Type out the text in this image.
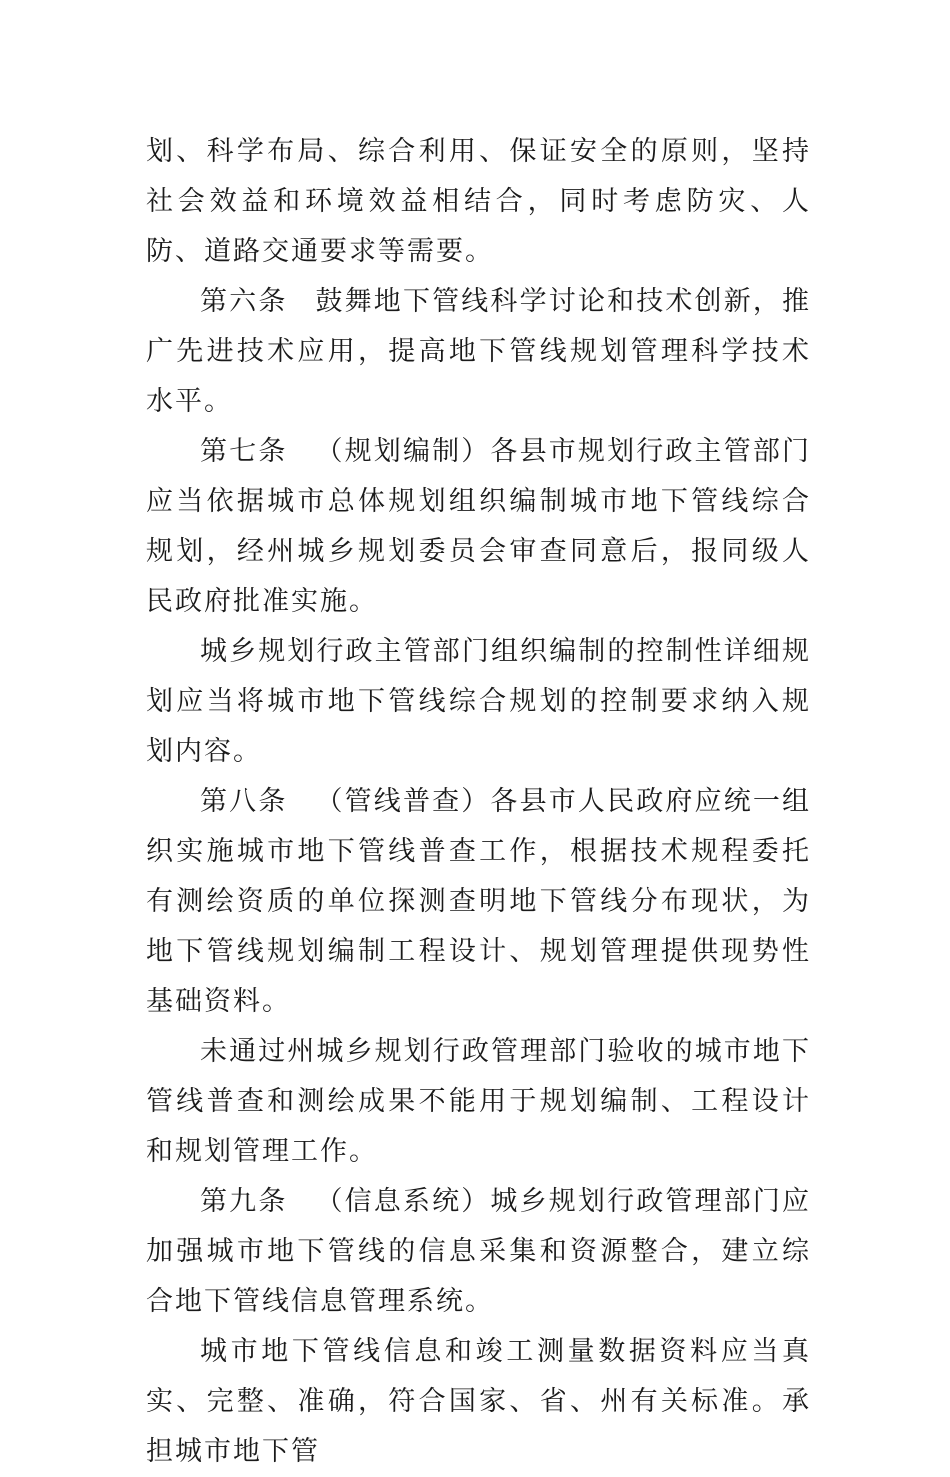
划、科学布局、综合利用、保证安全的原则，坚持社会效益和环境效益相结合，同时考虑防灾、人防、道路交通要求等需要。

第六条 鼓舞地下管线科学讨论和技术创新，推广先进技术应用，提高地下管线规划管理科学技术水平。

第七条 （规划编制）各县市规划行政主管部门应当依据城市总体规划组织编制城市地下管线综合规划，经州城乡规划委员会审查同意后，报同级人民政府批准实施。

城乡规划行政主管部门组织编制的控制性详细规划应当将城市地下管线综合规划的控制要求纳入规划内容。

第八条 （管线普查）各县市人民政府应统一组织实施城市地下管线普查工作，根据技术规程委托有测绘资质的单位探测查明地下管线分布现状，为地下管线规划编制工程设计、规划管理提供现势性基础资料。

未通过州城乡规划行政管理部门验收的城市地下管线普查和测绘成果不能用于规划编制、工程设计和规划管理工作。

第九条 （信息系统）城乡规划行政管理部门应加强城市地下管线的信息采集和资源整合，建立综合地下管线信息管理系统。

城市地下管线信息和竣工测量数据资料应当真实、完整、准确，符合国家、省、州有关标准。承担城市地下管
